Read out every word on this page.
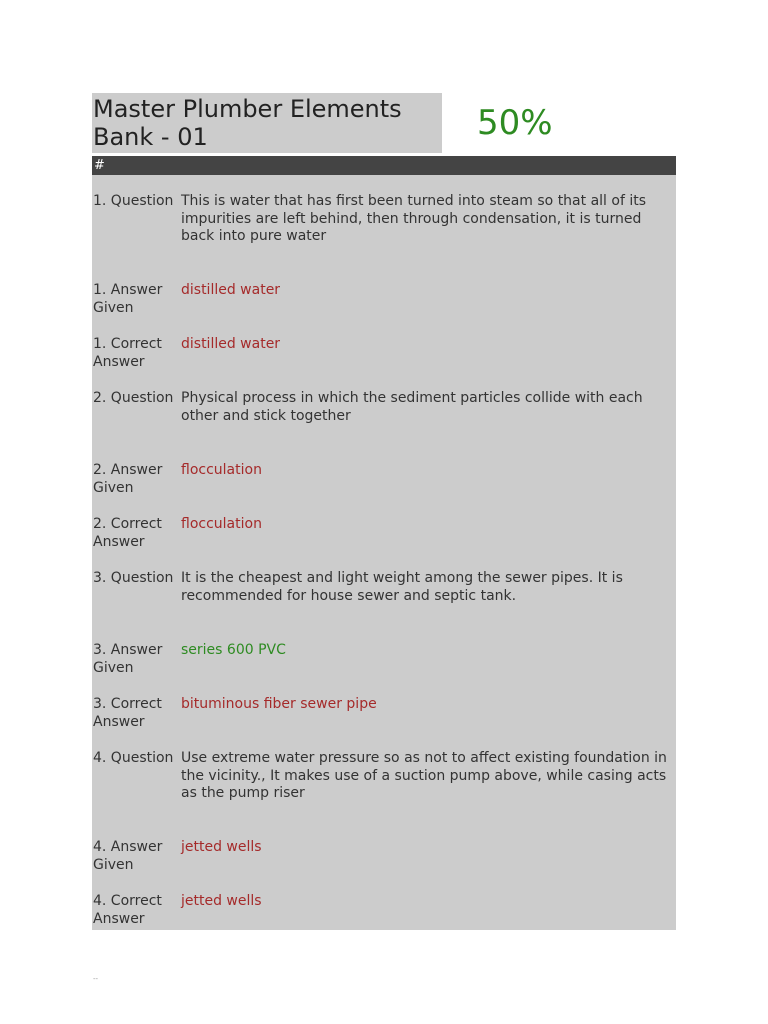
Master Plumber Elements Bank - 01	50%
#
1. Question This is water that has first been turned into steam so that all of its impurities are left behind, then through condensation, it is turned back into pure water
1. Answer Given
distilled water
1. Correct Answer
distilled water
2. Question Physical process in which the sediment particles collide with each other and stick together
2. Answer Given
flocculation
2. Correct Answer
flocculation
3. Question It is the cheapest and light weight among the sewer pipes. It is recommended for house sewer and septic tank.
3. Answer Given
series 600 PVC
3. Correct Answer
bituminous fiber sewer pipe
4. Question Use extreme water pressure so as not to affect existing foundation in the vicinity., It makes use of a suction pump above, while casing acts as the pump riser
4. Answer Given
jetted wells
4. Correct Answer
jetted wells
--
